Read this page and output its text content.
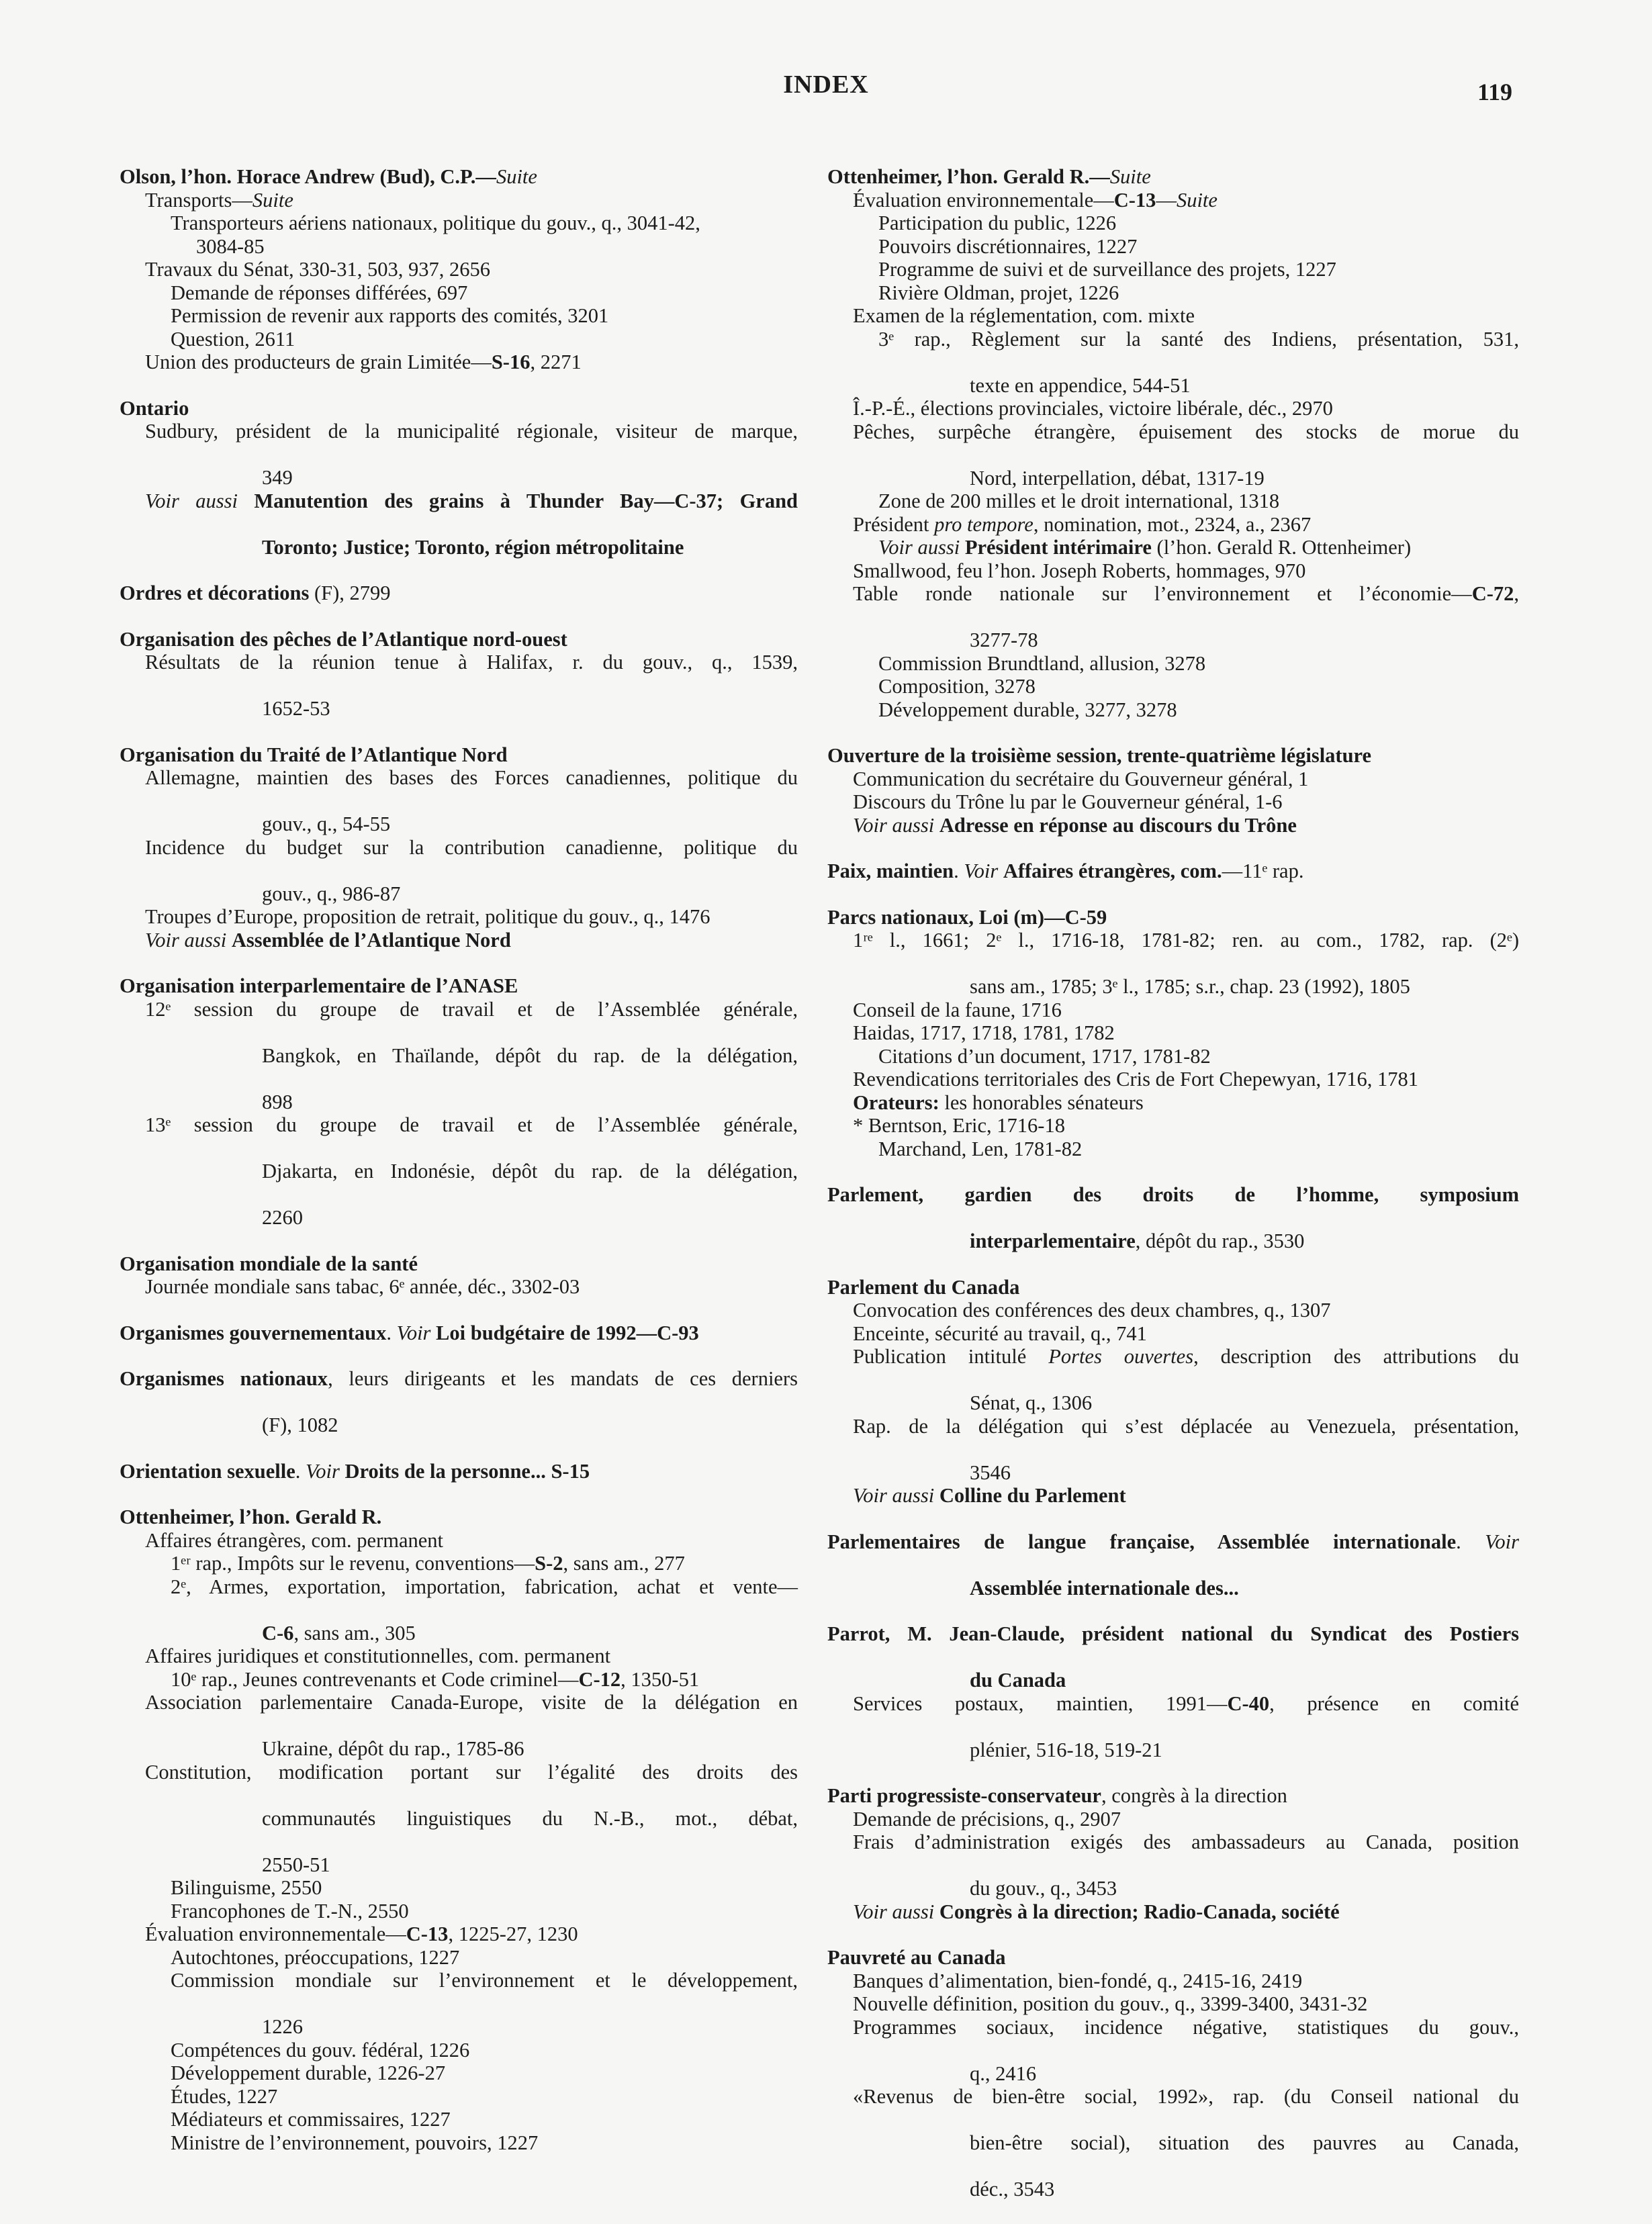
INDEX	119
Olson, l’hon. Horace Andrew (Bud), C.P.—Suite
Transports—Suite
Transporteurs aériens nationaux, politique du gouv., q., 3041-42,
3084-85
Travaux du Sénat, 330-31, 503, 937, 2656
Demande de réponses différées, 697
Permission de revenir aux rapports des comités, 3201
Question, 2611
Union des producteurs de grain Limitée—S-16, 2271
Ontario
Sudbury, président de la municipalité régionale, visiteur de marque,
349
Voir aussi Manutention des grains à Thunder Bay—C-37; Grand
Toronto; Justice; Toronto, région métropolitaine
Ordres et décorations (F), 2799
Organisation des pêches de l’Atlantique nord-ouest
Résultats de la réunion tenue à Halifax, r. du gouv., q., 1539,
1652-53
Organisation du Traité de l’Atlantique Nord
Allemagne, maintien des bases des Forces canadiennes, politique du
gouv., q., 54-55
Incidence du budget sur la contribution canadienne, politique du
gouv., q., 986-87
Troupes d’Europe, proposition de retrait, politique du gouv., q., 1476
Voir aussi Assemblée de l’Atlantique Nord
Organisation interparlementaire de l’ANASE
12ᵉ session du groupe de travail et de l’Assemblée générale,
Bangkok, en Thaïlande, dépôt du rap. de la délégation,
898
13ᵉ session du groupe de travail et de l’Assemblée générale,
Djakarta, en Indonésie, dépôt du rap. de la délégation,
2260
Organisation mondiale de la santé
Journée mondiale sans tabac, 6ᵉ année, déc., 3302-03
Organismes gouvernementaux. Voir Loi budgétaire de 1992—C-93
Organismes nationaux, leurs dirigeants et les mandats de ces derniers
(F), 1082
Orientation sexuelle. Voir Droits de la personne... S-15
Ottenheimer, l’hon. Gerald R.
Affaires étrangères, com. permanent
1ᵉʳ rap., Impôts sur le revenu, conventions—S-2, sans am., 277
2ᵉ, Armes, exportation, importation, fabrication, achat et vente—
C-6, sans am., 305
Affaires juridiques et constitutionnelles, com. permanent
10ᵉ rap., Jeunes contrevenants et Code criminel—C-12, 1350-51
Association parlementaire Canada-Europe, visite de la délégation en
Ukraine, dépôt du rap., 1785-86
Constitution, modification portant sur l’égalité des droits des
communautés linguistiques du N.-B., mot., débat,
2550-51
Bilinguisme, 2550
Francophones de T.-N., 2550
Évaluation environnementale—C-13, 1225-27, 1230
Autochtones, préoccupations, 1227
Commission mondiale sur l’environnement et le développement,
1226
Compétences du gouv. fédéral, 1226
Développement durable, 1226-27
Études, 1227
Médiateurs et commissaires, 1227
Ministre de l’environnement, pouvoirs, 1227
Ottenheimer, l’hon. Gerald R.—Suite
Évaluation environnementale—C-13—Suite
Participation du public, 1226
Pouvoirs discrétionnaires, 1227
Programme de suivi et de surveillance des projets, 1227
Rivière Oldman, projet, 1226
Examen de la réglementation, com. mixte
3ᵉ rap., Règlement sur la santé des Indiens, présentation, 531,
texte en appendice, 544-51
Î.-P.-É., élections provinciales, victoire libérale, déc., 2970
Pêches, surpêche étrangère, épuisement des stocks de morue du
Nord, interpellation, débat, 1317-19
Zone de 200 milles et le droit international, 1318
Président pro tempore, nomination, mot., 2324, a., 2367
Voir aussi Président intérimaire (l’hon. Gerald R. Ottenheimer)
Smallwood, feu l’hon. Joseph Roberts, hommages, 970
Table ronde nationale sur l’environnement et l’économie—C-72,
3277-78
Commission Brundtland, allusion, 3278
Composition, 3278
Développement durable, 3277, 3278
Ouverture de la troisième session, trente-quatrième législature
Communication du secrétaire du Gouverneur général, 1
Discours du Trône lu par le Gouverneur général, 1-6
Voir aussi Adresse en réponse au discours du Trône
Paix, maintien. Voir Affaires étrangères, com.—11ᵉ rap.
Parcs nationaux, Loi (m)—C-59
1ʳᵉ l., 1661; 2ᵉ l., 1716-18, 1781-82; ren. au com., 1782, rap. (2ᵉ)
sans am., 1785; 3ᵉ l., 1785; s.r., chap. 23 (1992), 1805
Conseil de la faune, 1716
Haidas, 1717, 1718, 1781, 1782
Citations d’un document, 1717, 1781-82
Revendications territoriales des Cris de Fort Chepewyan, 1716, 1781
Orateurs: les honorables sénateurs
* Berntson, Eric, 1716-18
Marchand, Len, 1781-82
Parlement, gardien des droits de l’homme, symposium
interparlementaire, dépôt du rap., 3530
Parlement du Canada
Convocation des conférences des deux chambres, q., 1307
Enceinte, sécurité au travail, q., 741
Publication intitulé Portes ouvertes, description des attributions du
Sénat, q., 1306
Rap. de la délégation qui s’est déplacée au Venezuela, présentation,
3546
Voir aussi Colline du Parlement
Parlementaires de langue française, Assemblée internationale. Voir
Assemblée internationale des...
Parrot, M. Jean-Claude, président national du Syndicat des Postiers
du Canada
Services postaux, maintien, 1991—C-40, présence en comité
plénier, 516-18, 519-21
Parti progressiste-conservateur, congrès à la direction
Demande de précisions, q., 2907
Frais d’administration exigés des ambassadeurs au Canada, position
du gouv., q., 3453
Voir aussi Congrès à la direction; Radio-Canada, société
Pauvreté au Canada
Banques d’alimentation, bien-fondé, q., 2415-16, 2419
Nouvelle définition, position du gouv., q., 3399-3400, 3431-32
Programmes sociaux, incidence négative, statistiques du gouv.,
q., 2416
«Revenus de bien-être social, 1992», rap. (du Conseil national du
bien-être social), situation des pauvres au Canada,
déc., 3543
